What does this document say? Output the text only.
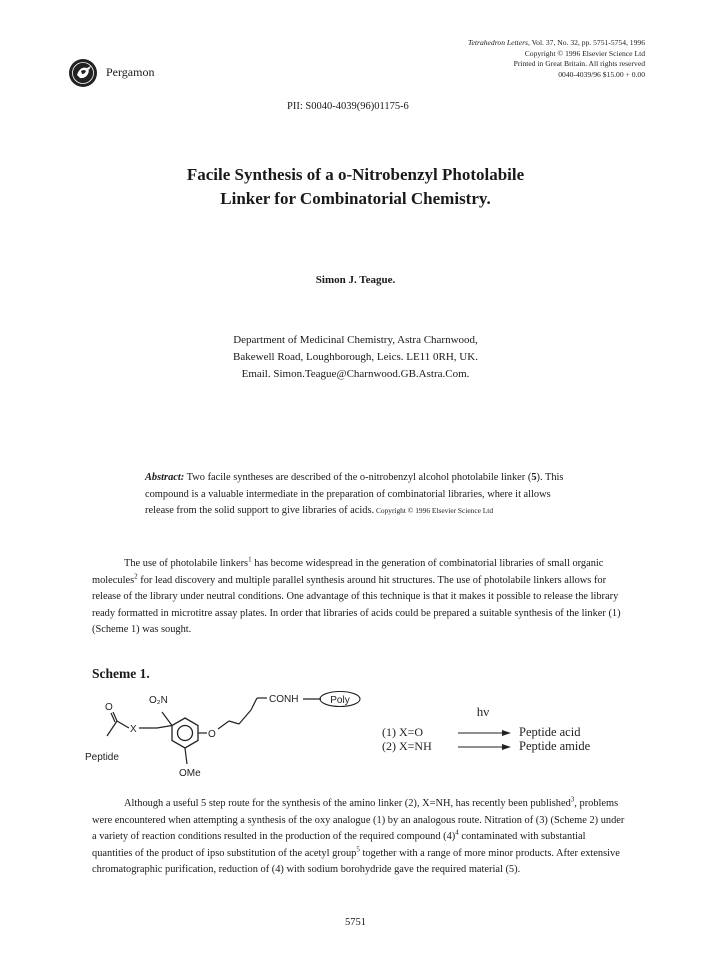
Pergamon
Tetrahedron Letters, Vol. 37, No. 32, pp. 5751-5754, 1996
Copyright © 1996 Elsevier Science Ltd
Printed in Great Britain. All rights reserved
0040-4039/96 $15.00 + 0.00
PII: S0040-4039(96)01175-6
Facile Synthesis of a o-Nitrobenzyl Photolabile
Linker for Combinatorial Chemistry.
Simon J. Teague.
Department of Medicinal Chemistry, Astra Charnwood,
Bakewell Road, Loughborough, Leics. LE11 0RH, UK.
Email. Simon.Teague@Charnwood.GB.Astra.Com.
Abstract: Two facile syntheses are described of the o-nitrobenzyl alcohol photolabile linker (5). This compound is a valuable intermediate in the preparation of combinatorial libraries, where it allows release from the solid support to give libraries of acids. Copyright © 1996 Elsevier Science Ltd
The use of photolabile linkers$^1$ has become widespread in the generation of combinatorial libraries of small organic molecules$^2$ for lead discovery and multiple parallel synthesis around hit structures. The use of photolabile linkers allows for release of the library under neutral conditions. One advantage of this technique is that it makes it possible to release the library ready formatted in microtitre assay plates. In order that libraries of acids could be prepared a suitable synthesis of the linker (1) (Scheme 1) was sought.
Scheme 1.
O₂N
O
O
X
Peptide
OMe
CONH	Poly
hν
(1) X=O
(2) X=NH
Peptide acid
Peptide amide
Although a useful 5 step route for the synthesis of the amino linker (2), X=NH, has recently been published$^3$, problems were encountered when attempting a synthesis of the oxy analogue (1) by an analogous route. Nitration of (3) (Scheme 2) under a variety of reaction conditions resulted in the production of the required compound $(4)^4$ contaminated with substantial quantities of the product of ipso substitution of the acetyl group$^5$ together with a range of more minor products. After extensive chromatographic purification, reduction of (4) with sodium borohydride gave the required material (5).
5751
